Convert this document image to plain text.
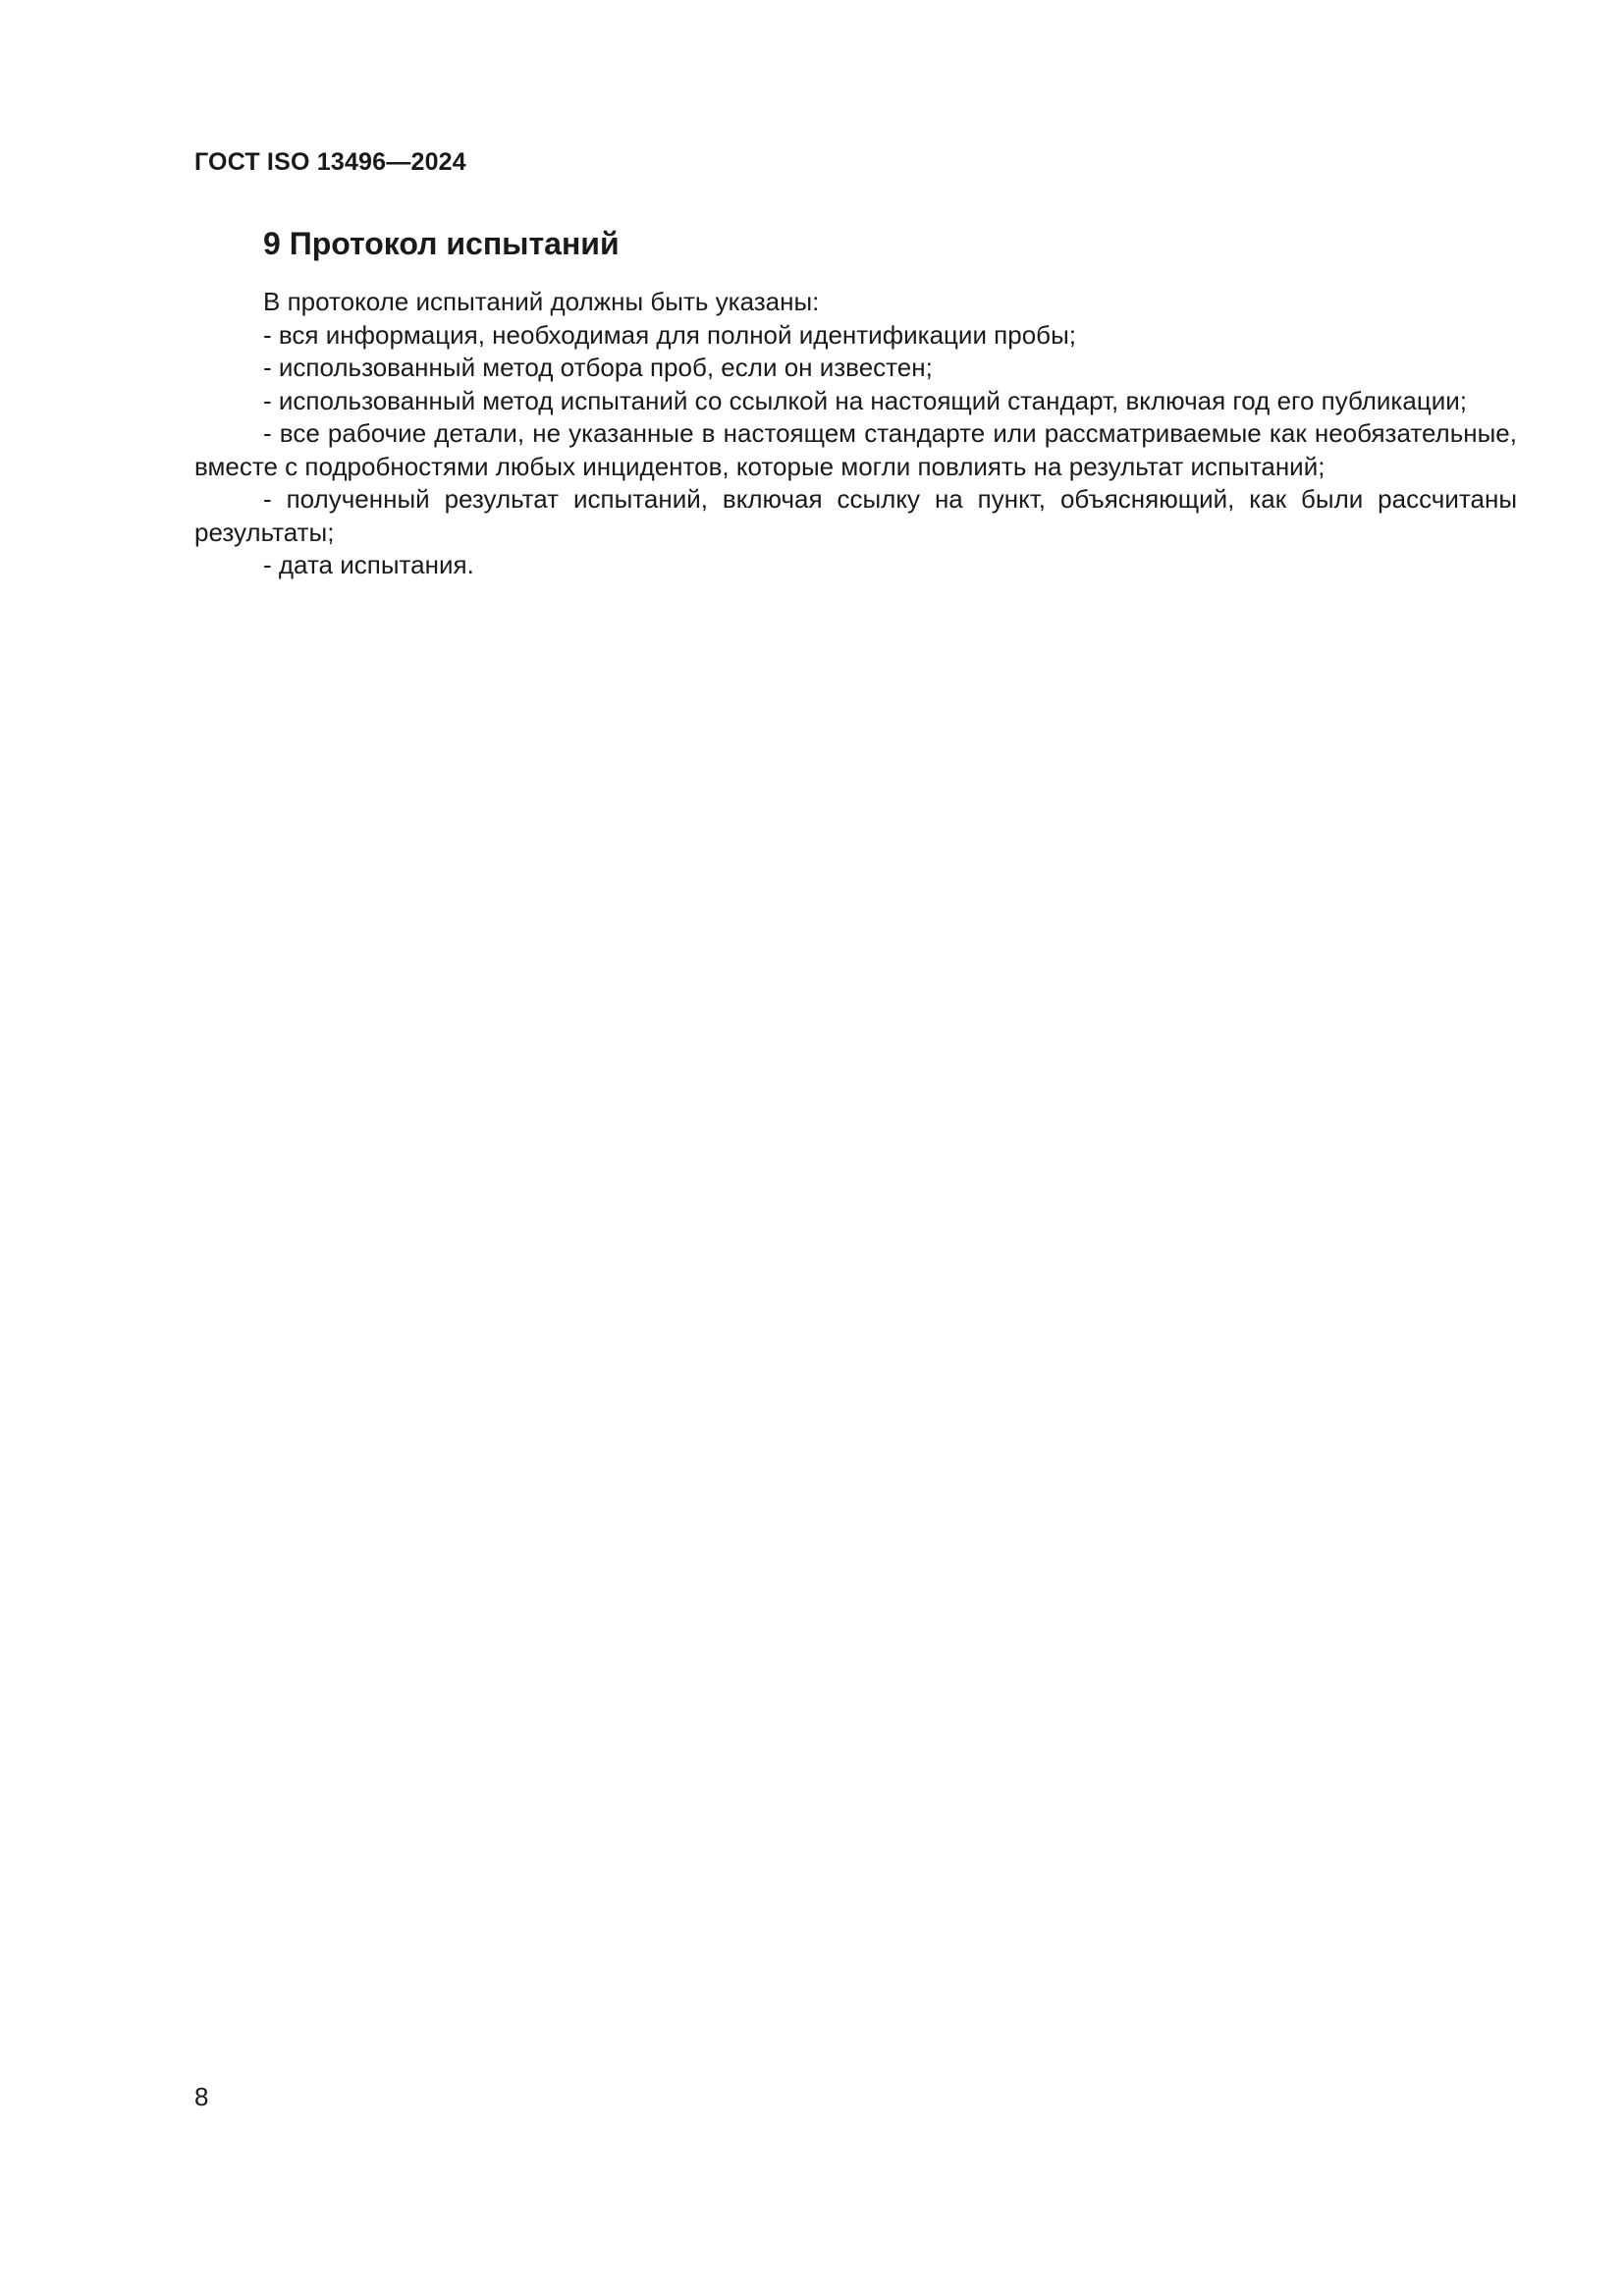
ГОСТ ISO 13496—2024
9 Протокол испытаний

В протоколе испытаний должны быть указаны:

- вся информация, необходимая для полной идентификации пробы;

- использованный метод отбора проб, если он известен;

- использованный метод испытаний со ссылкой на настоящий стандарт, включая год его публикации;

- все рабочие детали, не указанные в настоящем стандарте или рассматриваемые как необязательные, вместе с подробностями любых инцидентов, которые могли повлиять на результат испытаний;

- полученный результат испытаний, включая ссылку на пункт, объясняющий, как были рассчитаны результаты;

- дата испытания.

8
